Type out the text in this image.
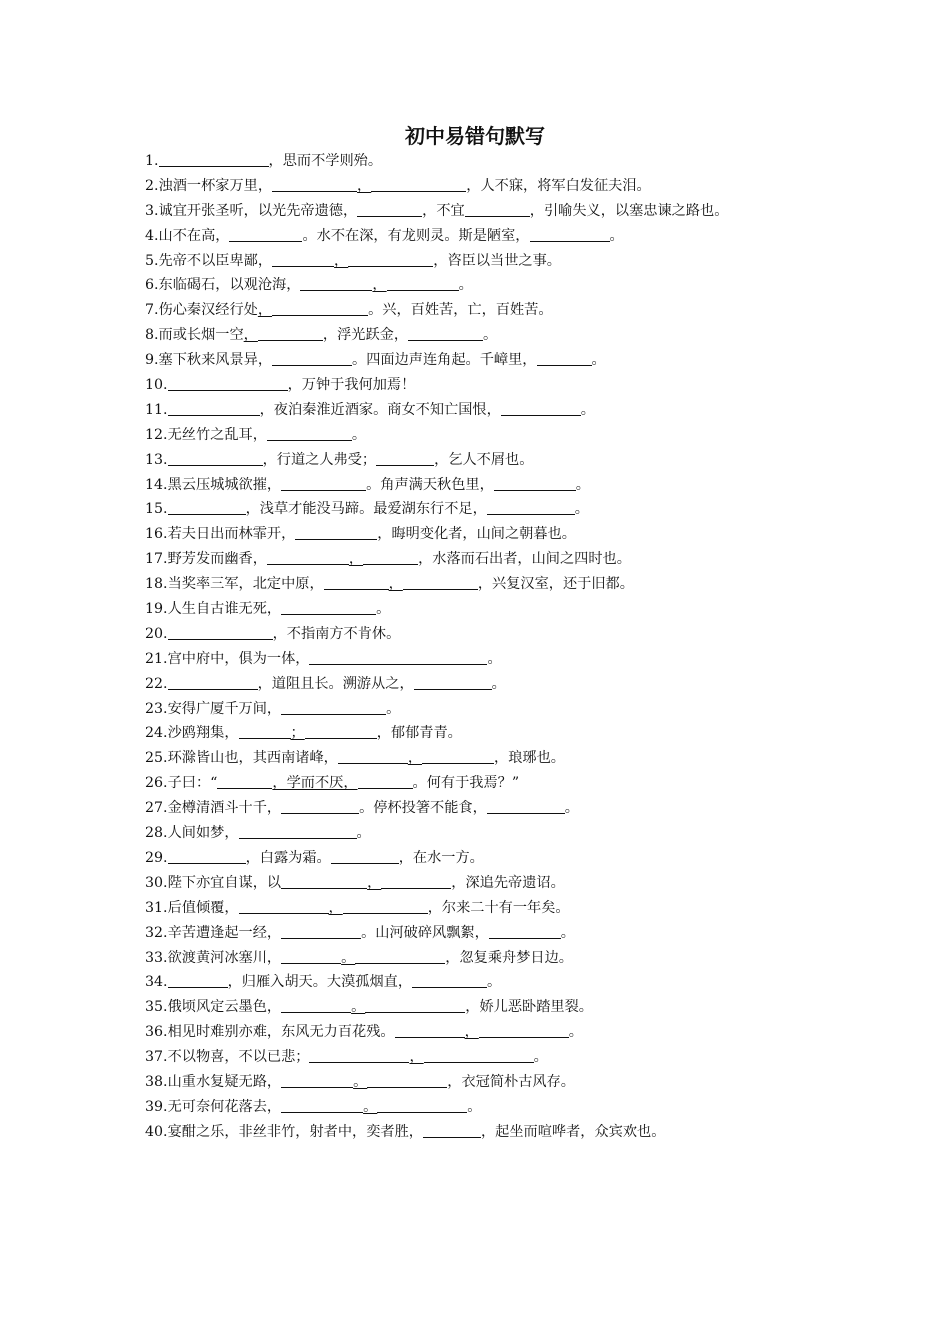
初中易错句默写
1.	，思而不学则殆。
2.浊酒一杯家万里，	，	，人不寐，将军白发征夫泪。
3.诚宜开张圣听，以光先帝遗德，	，不宜	，引喻失义，以塞忠谏之路也。
4.山不在高，	。水不在深，有龙则灵。斯是陋室，	。
5.先帝不以臣卑鄙，	，	，咨臣以当世之事。
6.东临碣石，以观沧海，	，	。
7.伤心秦汉经行处，	。兴，百姓苦，亡，百姓苦。
8.而或长烟一空，	，浮光跃金，	。
9.塞下秋来风景异，	。四面边声连角起。千嶂里，	。
10.	，万钟于我何加焉！
11.	，夜泊秦淮近酒家。商女不知亡国恨，	。
12.无丝竹之乱耳，	。
13.	，行道之人弗受；	，乞人不屑也。
14.黑云压城城欲摧，	。角声满天秋色里，	。
15.	，浅草才能没马蹄。最爱湖东行不足，	。
16.若夫日出而林霏开，	，晦明变化者，山间之朝暮也。
17.野芳发而幽香，	，	，水落而石出者，山间之四时也。
18.当奖率三军，北定中原，	，	，兴复汉室，还于旧都。
19.人生自古谁无死，	。
20.	，不指南方不肯休。
21.宫中府中，俱为一体，	。
22.	，道阻且长。溯游从之，	。
23.安得广厦千万间，	。
24.沙鸥翔集，	；	，郁郁青青。
25.环滁皆山也，其西南诸峰，	，	，琅琊也。
26.子曰：“	，学而不厌，	。何有于我焉？”
27.金樽清酒斗十千，	。停杯投箸不能食，	。
28.人间如梦，	。
29.	，白露为霜。	，在水一方。
30.陛下亦宜自谋，以	，	，深追先帝遗诏。
31.后值倾覆，	，	，尔来二十有一年矣。
32.辛苦遭逢起一经，	。山河破碎风飘絮，	。
33.欲渡黄河冰塞川，	。	，忽复乘舟梦日边。
34.	，归雁入胡天。大漠孤烟直，	。
35.俄顷风定云墨色，	。	，娇儿恶卧踏里裂。
36.相见时难别亦难，东风无力百花残。	，	。
37.不以物喜，不以已悲；	，	。
38.山重水复疑无路，	。	，衣冠简朴古风存。
39.无可奈何花落去，	。	。
40.宴酣之乐，非丝非竹，射者中，奕者胜，	，起坐而喧哗者，众宾欢也。
